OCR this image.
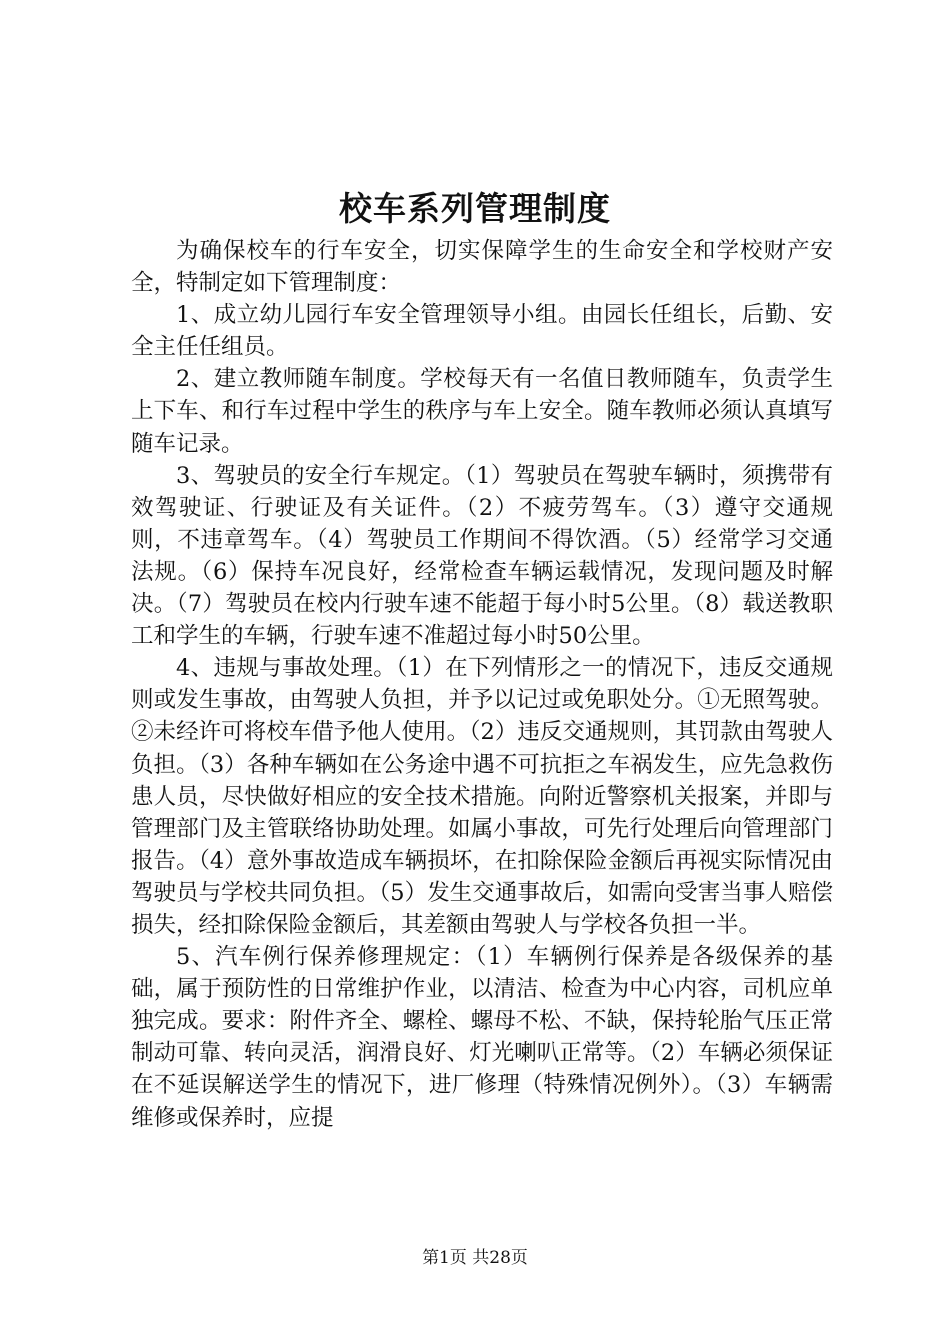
校车系列管理制度

为确保校车的行车安全，切实保障学生的生命安全和学校财产安全，特制定如下管理制度：

1、成立幼儿园行车安全管理领导小组。由园长任组长，后勤、安全主任任组员。

2、建立教师随车制度。学校每天有一名值日教师随车，负责学生上下车、和行车过程中学生的秩序与车上安全。随车教师必须认真填写随车记录。

3、驾驶员的安全行车规定。（1）驾驶员在驾驶车辆时，须携带有效驾驶证、行驶证及有关证件。（2）不疲劳驾车。（3）遵守交通规则，不违章驾车。（4）驾驶员工作期间不得饮酒。（5）经常学习交通法规。（6）保持车况良好，经常检查车辆运载情况，发现问题及时解决。（7）驾驶员在校内行驶车速不能超于每小时5公里。（8）载送教职工和学生的车辆，行驶车速不准超过每小时50公里。

4、违规与事故处理。（1）在下列情形之一的情况下，违反交通规则或发生事故，由驾驶人负担，并予以记过或免职处分。①无照驾驶。②未经许可将校车借予他人使用。（2）违反交通规则，其罚款由驾驶人负担。（3）各种车辆如在公务途中遇不可抗拒之车祸发生，应先急救伤患人员，尽快做好相应的安全技术措施。向附近警察机关报案，并即与管理部门及主管联络协助处理。如属小事故，可先行处理后向管理部门报告。（4）意外事故造成车辆损坏，在扣除保险金额后再视实际情况由驾驶员与学校共同负担。（5）发生交通事故后，如需向受害当事人赔偿损失，经扣除保险金额后，其差额由驾驶人与学校各负担一半。

5、汽车例行保养修理规定：（1）车辆例行保养是各级保养的基础，属于预防性的日常维护作业，以清洁、检查为中心内容，司机应单独完成。要求：附件齐全、螺栓、螺母不松、不缺，保持轮胎气压正常制动可靠、转向灵活，润滑良好、灯光喇叭正常等。（2）车辆必须保证在不延误解送学生的情况下，进厂修理（特殊情况例外）。（3）车辆需维修或保养时，应提

第1页 共28页
